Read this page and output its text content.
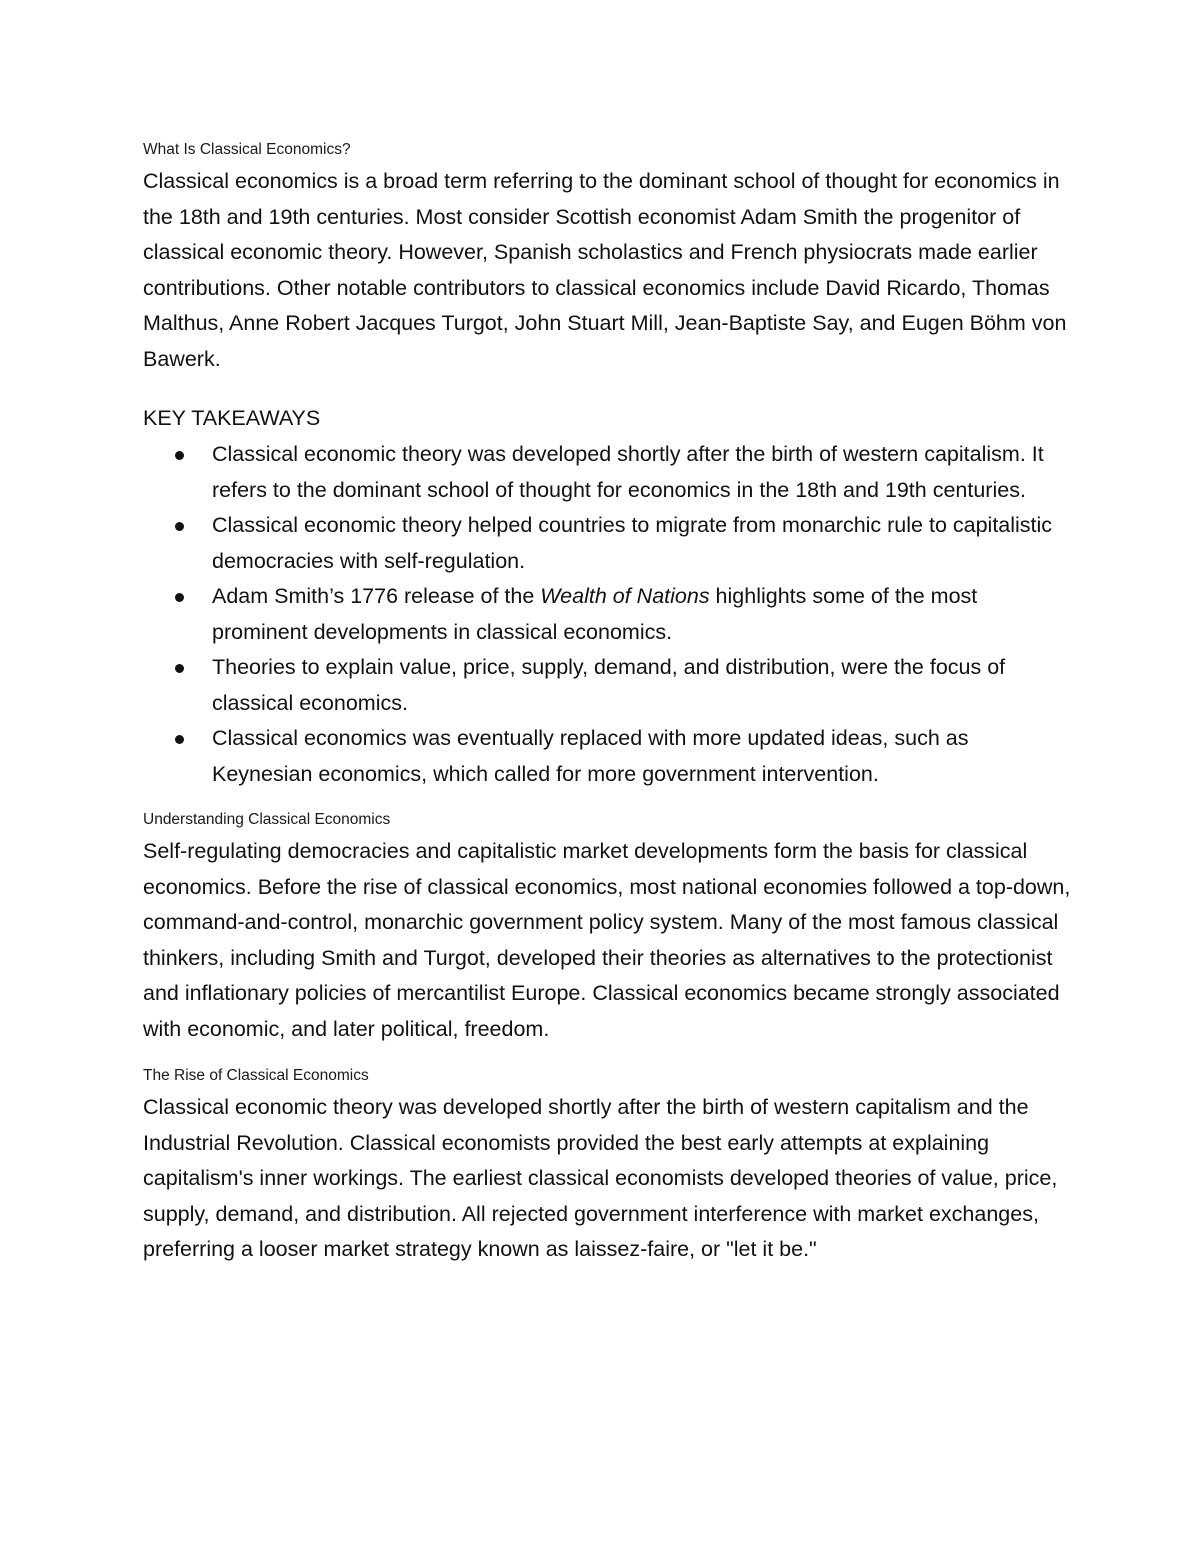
What Is Classical Economics?

Classical economics is a broad term referring to the dominant school of thought for economics in the 18th and 19th centuries. Most consider Scottish economist Adam Smith the progenitor of classical economic theory. However, Spanish scholastics and French physiocrats made earlier contributions. Other notable contributors to classical economics include David Ricardo, Thomas Malthus, Anne Robert Jacques Turgot, John Stuart Mill, Jean-Baptiste Say, and Eugen Böhm von Bawerk.

KEY TAKEAWAYS

Classical economic theory was developed shortly after the birth of western capitalism. It refers to the dominant school of thought for economics in the 18th and 19th centuries.
Classical economic theory helped countries to migrate from monarchic rule to capitalistic democracies with self-regulation.
Adam Smith’s 1776 release of the Wealth of Nations highlights some of the most prominent developments in classical economics.
Theories to explain value, price, supply, demand, and distribution, were the focus of classical economics.
Classical economics was eventually replaced with more updated ideas, such as Keynesian economics, which called for more government intervention.

Understanding Classical Economics

Self-regulating democracies and capitalistic market developments form the basis for classical economics. Before the rise of classical economics, most national economies followed a top-down, command-and-control, monarchic government policy system. Many of the most famous classical thinkers, including Smith and Turgot, developed their theories as alternatives to the protectionist and inflationary policies of mercantilist Europe. Classical economics became strongly associated with economic, and later political, freedom.

The Rise of Classical Economics

Classical economic theory was developed shortly after the birth of western capitalism and the Industrial Revolution. Classical economists provided the best early attempts at explaining capitalism's inner workings. The earliest classical economists developed theories of value, price, supply, demand, and distribution. All rejected government interference with market exchanges, preferring a looser market strategy known as laissez-faire, or "let it be."
